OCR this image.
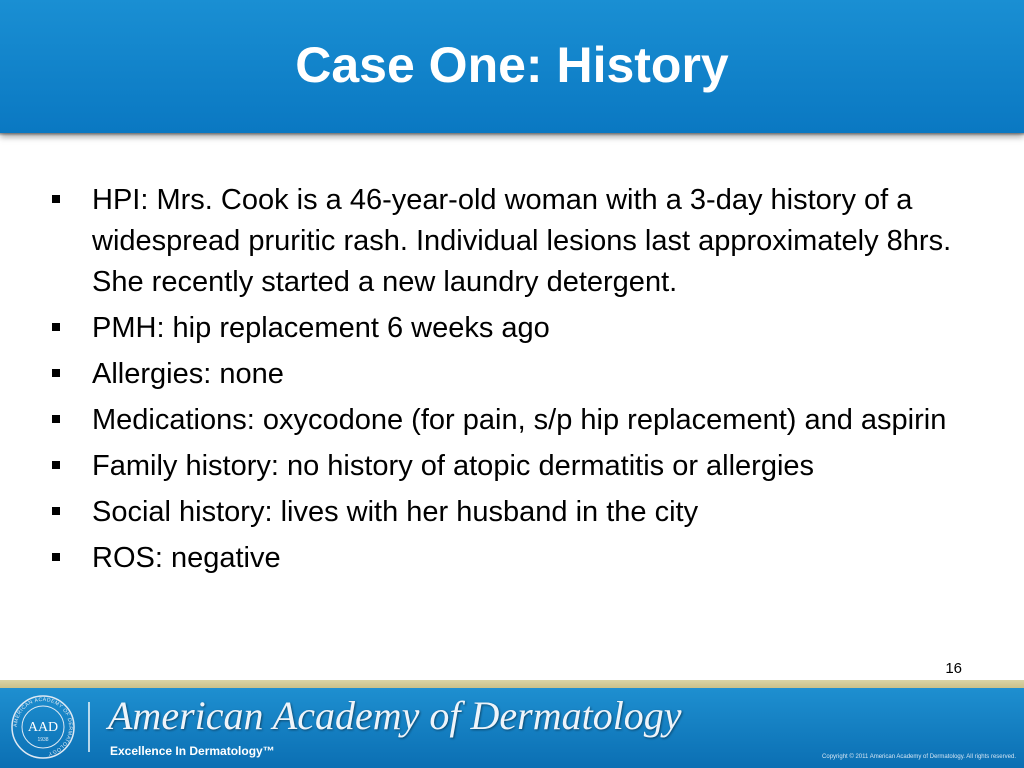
Case One: History
HPI: Mrs. Cook is a 46-year-old woman with a 3-day history of a widespread pruritic rash. Individual lesions last approximately 8hrs. She recently started a new laundry detergent.
PMH: hip replacement 6 weeks ago
Allergies: none
Medications: oxycodone (for pain, s/p hip replacement) and aspirin
Family history: no history of atopic dermatitis or allergies
Social history: lives with her husband in the city
ROS: negative
16
AMERICAN ACADEMY OF DERMATOLOGY
AAD
1938
American Academy of Dermatology
Excellence In Dermatology™	Copyright © 2011 American Academy of Dermatology. All rights reserved.
